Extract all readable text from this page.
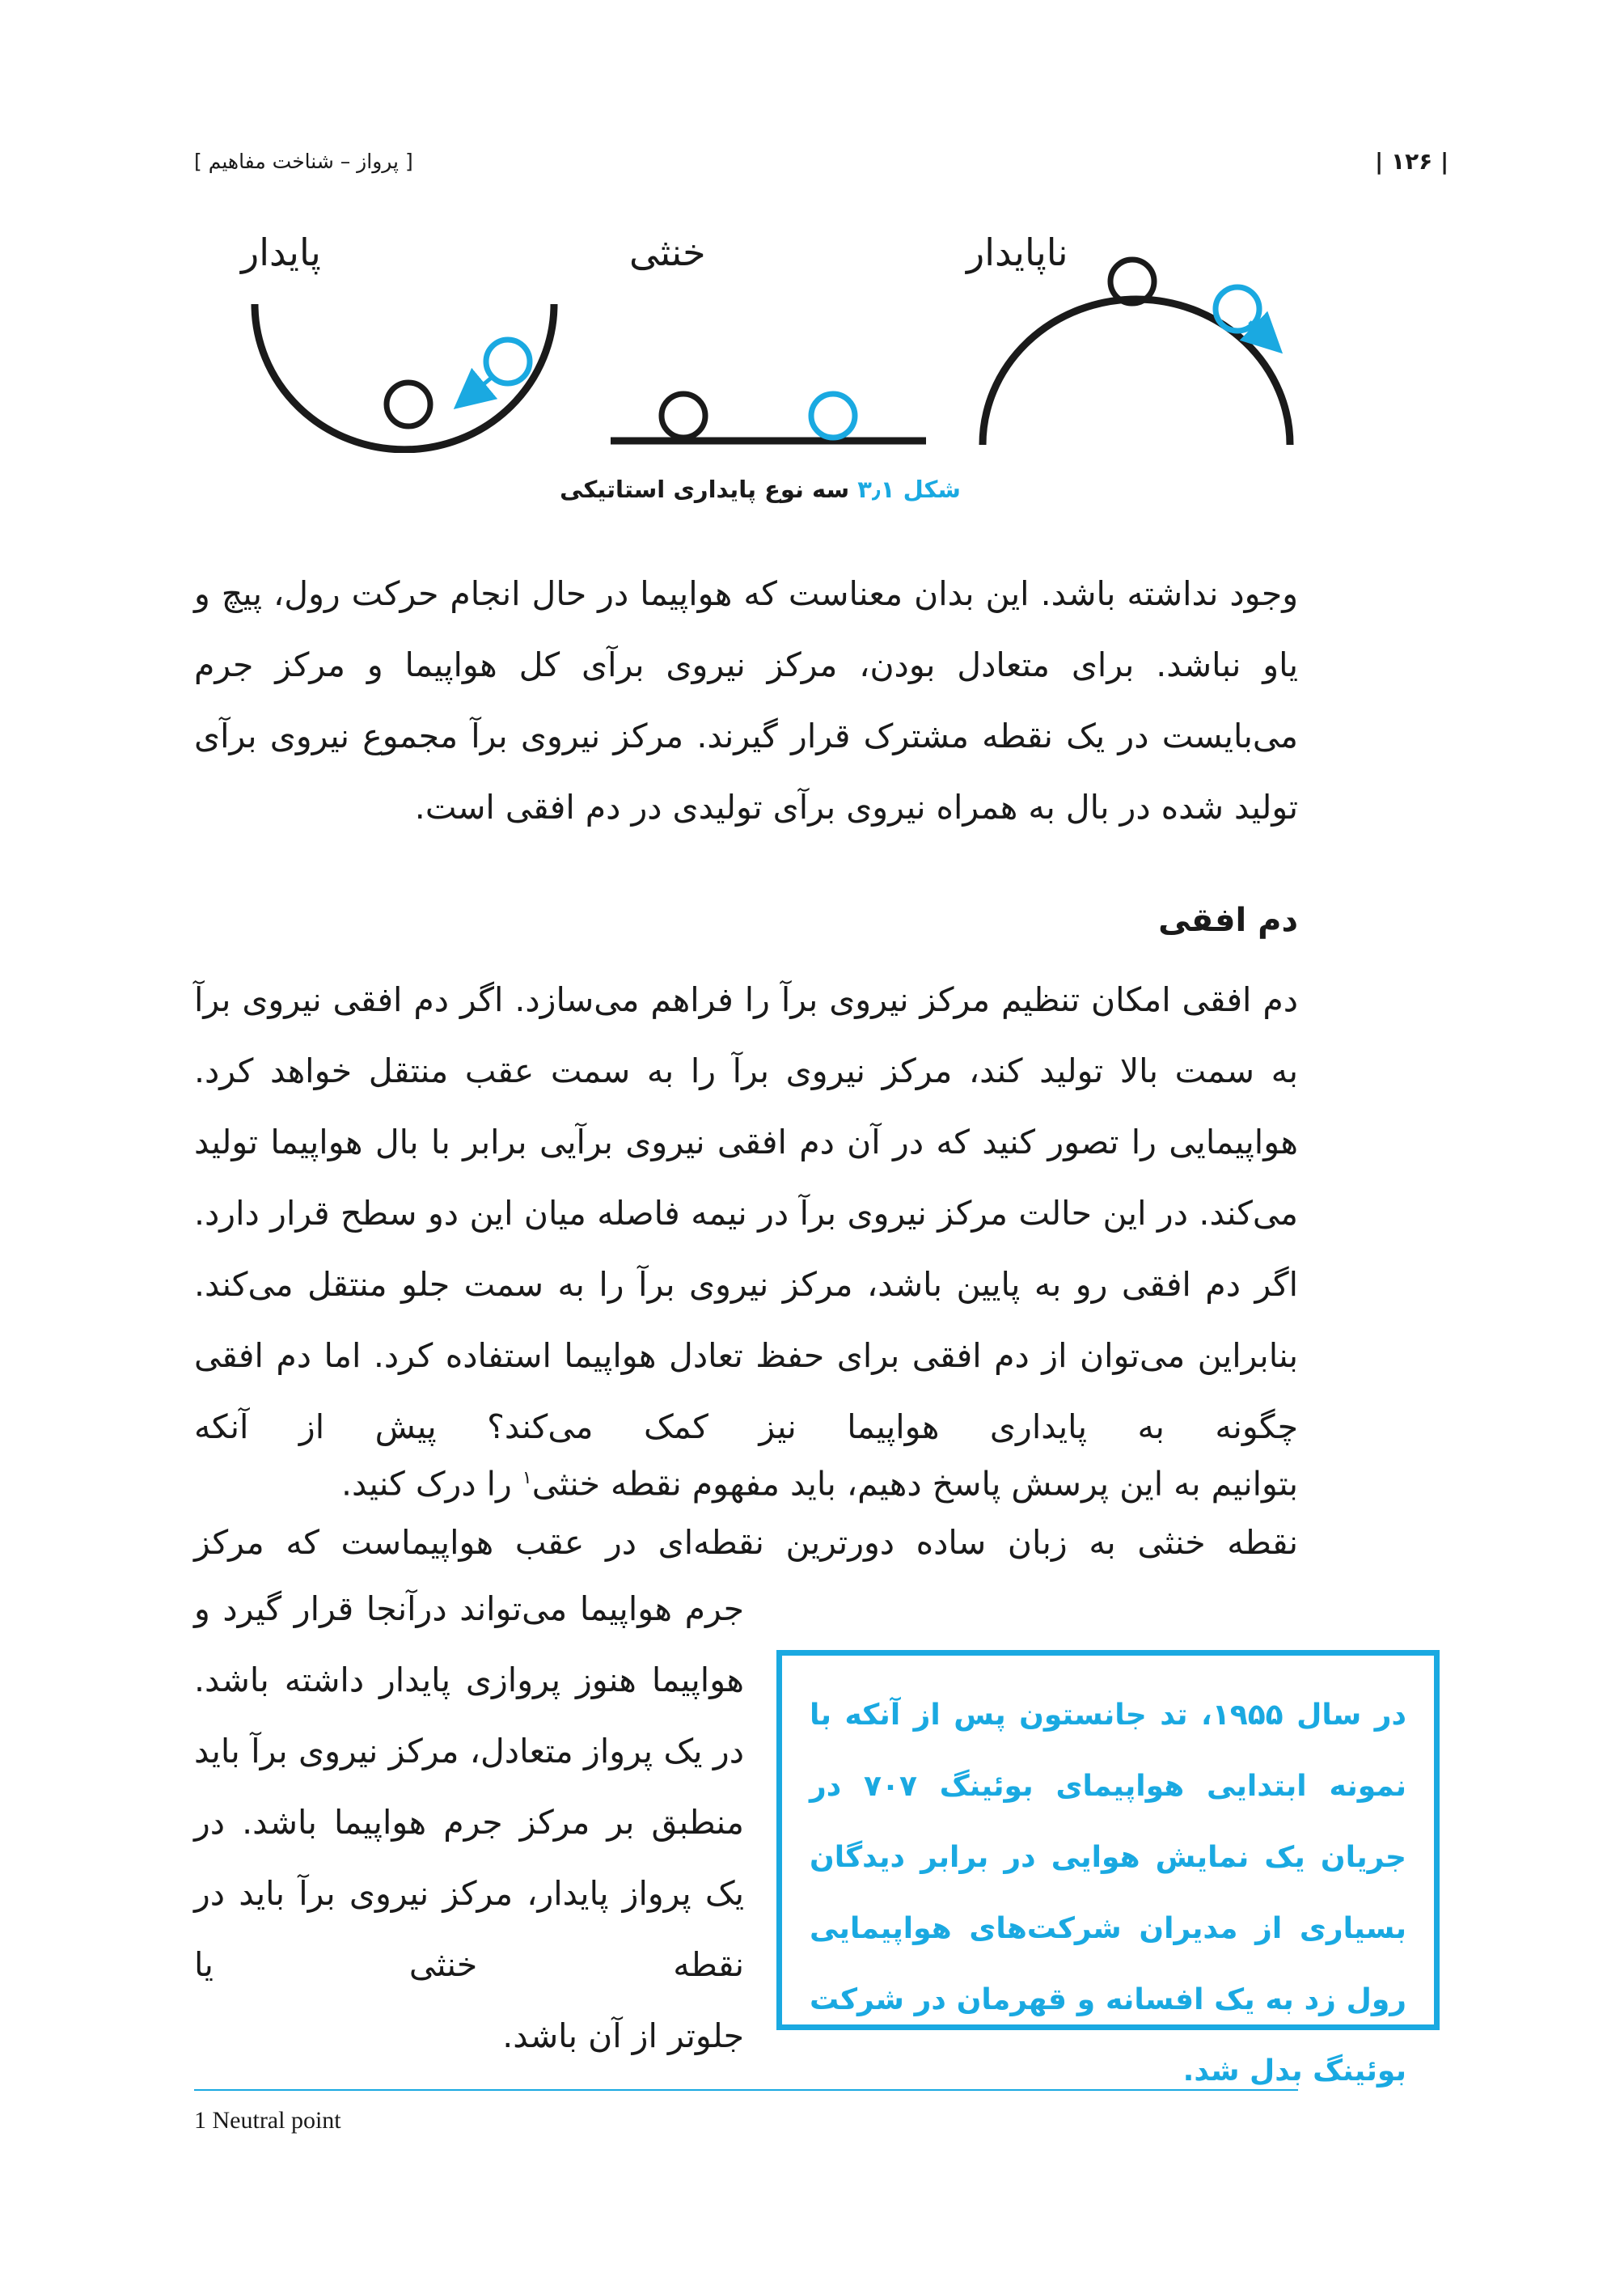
[ پرواز – شناخت مفاهیم ]	| ۱۲۶ |
پایدار	خنثی	ناپایدار
شکل ۳٫۱ سه نوع پایداری استاتیکی
وجود نداشته باشد. این بدان معناست که هواپیما در حال انجام حرکت رول، پیچ و یاو نباشد. برای متعادل بودن، مرکز نیروی برآی کل هواپیما و مرکز جرم می‌بایست در یک نقطه مشترک قرار گیرند. مرکز نیروی برآ مجموع نیروی برآی تولید شده در بال به همراه نیروی برآی تولیدی در دم افقی است.
دم افقی
دم افقی امکان تنظیم مرکز نیروی برآ را فراهم می‌سازد. اگر دم افقی نیروی برآ به سمت بالا تولید کند، مرکز نیروی برآ را به سمت عقب منتقل خواهد کرد. هواپیمایی را تصور کنید که در آن دم افقی نیروی برآیی برابر با بال هواپیما تولید می‌کند. در این حالت مرکز نیروی برآ در نیمه فاصله میان این دو سطح قرار دارد. اگر دم افقی رو به پایین باشد، مرکز نیروی برآ را به سمت جلو منتقل می‌کند. بنابراین می‌توان از دم افقی برای حفظ تعادل هواپیما استفاده کرد. اما دم افقی چگونه به پایداری هواپیما نیز کمک می‌کند؟ پیش از آنکه
بتوانیم به این پرسش پاسخ دهیم، باید مفهوم نقطه خنثی$^۱$ را درک کنید.
نقطه خنثی به زبان ساده دورترین نقطه‌ای در عقب هواپیماست که مرکز
جرم هواپیما می‌تواند درآنجا قرار گیرد و هواپیما هنوز پروازی پایدار داشته باشد. در یک پرواز متعادل، مرکز نیروی برآ باید منطبق بر مرکز جرم هواپیما باشد. در یک پرواز پایدار، مرکز نیروی برآ باید در نقطه خنثی یا
جلوتر از آن باشد.
در سال ۱۹۵۵، تد جانستون پس از آنکه با نمونه ابتدایی هواپیمای بوئینگ ۷۰۷ در جریان یک نمایش هوایی در برابر دیدگان بسیاری از مدیران شرکت‌های هواپیمایی رول زد به یک افسانه و قهرمان در شرکت بوئینگ بدل شد.
1 Neutral point
